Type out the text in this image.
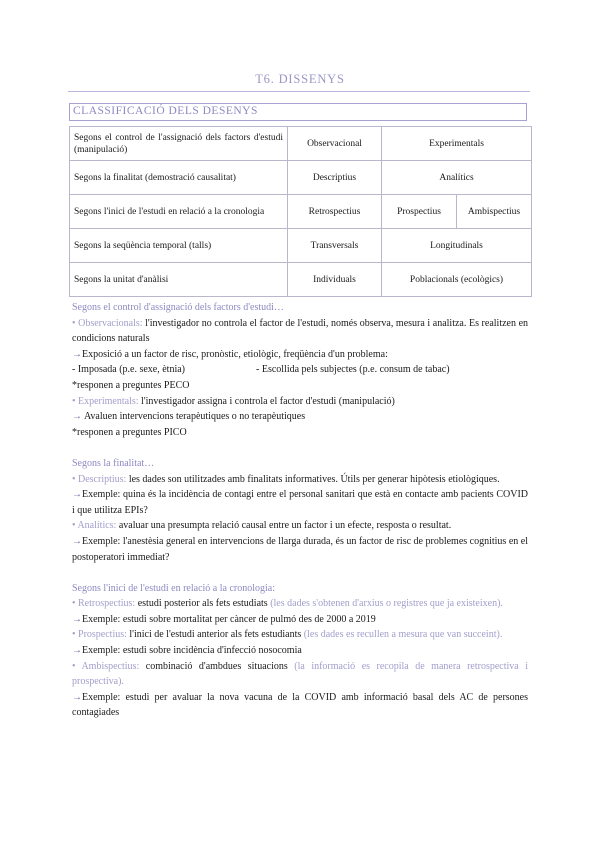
T6. DISSENYS
CLASSIFICACIÓ DELS DESENYS
Segons el control de l'assignació dels factors d'estudi (manipulació)	Observacional	Experimentals	
Segons la finalitat (demostració causalitat)	Descriptius	Analítics	
Segons l'inici de l'estudi en relació a la cronologia	Retrospectius	Prospectius	Ambispectius
Segons la seqüència temporal (talls)	Transversals	Longitudinals	
Segons la unitat d'anàlisi	Individuals	Poblacionals (ecològics)	

Segons el control d'assignació dels factors d'estudi…

• Observacionals: l'investigador no controla el factor de l'estudi, només observa, mesura i analitza. Es realitzen en condicions naturals

→Exposició a un factor de risc, pronòstic, etiològic, freqüència d'un problema:

- Imposada (p.e. sexe, ètnia)	- Escollida pels subjectes (p.e. consum de tabac)

*responen a preguntes PECO

• Experimentals: l'investigador assigna i controla el factor d'estudi (manipulació)

→ Avaluen intervencions terapèutiques o no terapèutiques

*responen a preguntes PICO

Segons la finalitat…

• Descriptius: les dades son utilitzades amb finalitats informatives. Útils per generar hipòtesis etiològiques.

→Exemple: quina és la incidència de contagi entre el personal sanitari que està en contacte amb pacients COVID i que utilitza EPIs?

• Analítics: avaluar una presumpta relació causal entre un factor i un efecte, resposta o resultat.

→Exemple: l'anestèsia general en intervencions de llarga durada, és un factor de risc de problemes cognitius en el postoperatori immediat?

Segons l'inici de l'estudi en relació a la cronologia:

• Retrospectius: estudi posterior als fets estudiats (les dades s'obtenen d'arxius o registres que ja existeixen).

→Exemple: estudi sobre mortalitat per càncer de pulmó des de 2000 a 2019

• Prospectius: l'inici de l'estudi anterior als fets estudiants (les dades es recullen a mesura que van succeint).

→Exemple: estudi sobre incidència d'infecció nosocomia

• Ambispectius: combinació d'ambdues situacions (la informació es recopila de manera retrospectiva i prospectiva).

→Exemple: estudi per avaluar la nova vacuna de la COVID amb informació basal dels AC de persones contagiades
